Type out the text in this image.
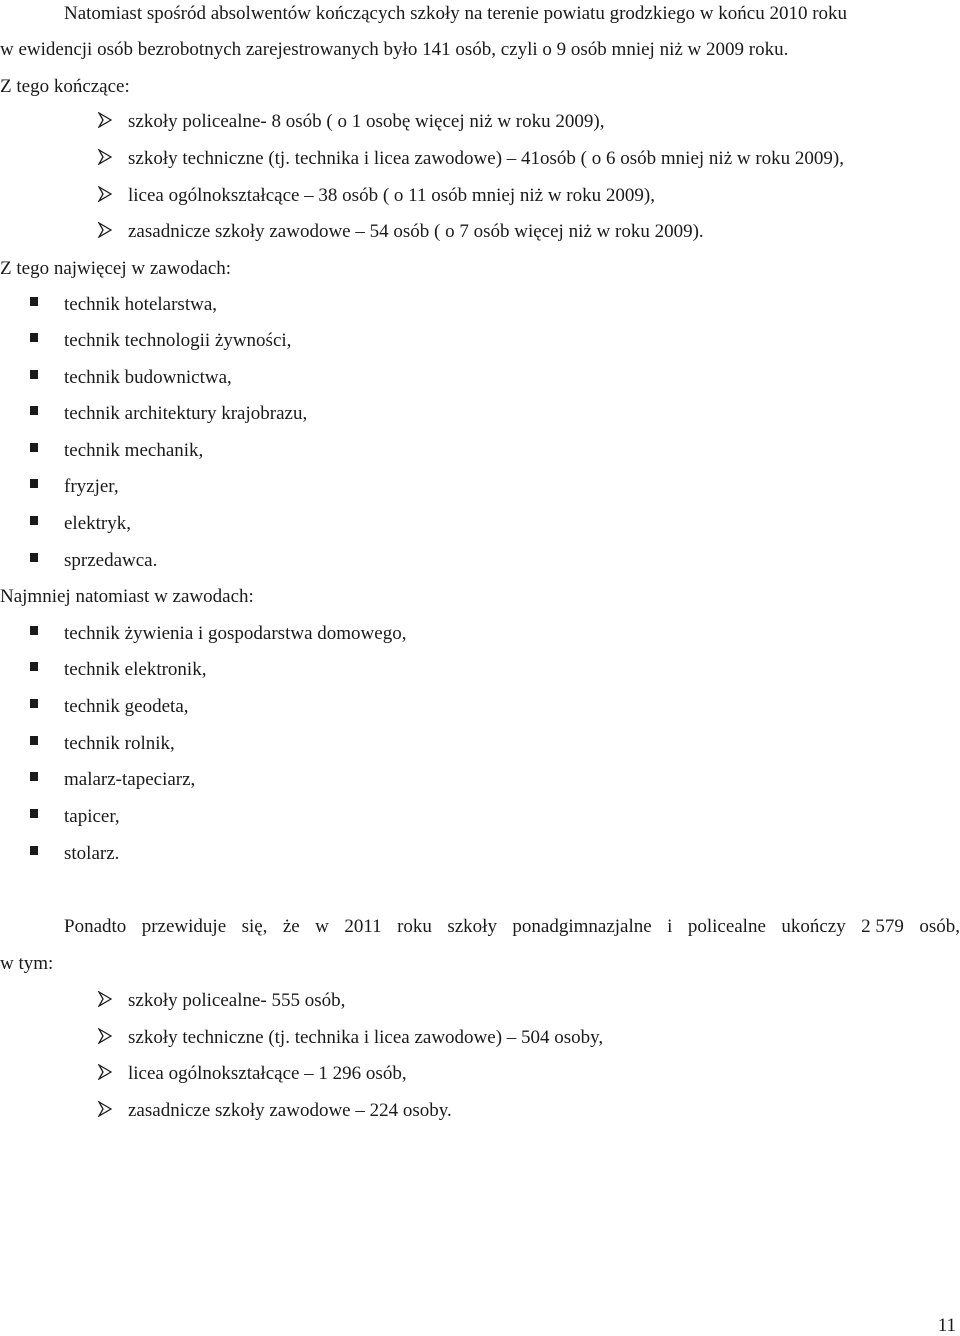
Natomiast spośród absolwentów kończących szkoły na terenie powiatu grodzkiego w końcu 2010 roku
w ewidencji osób bezrobotnych zarejestrowanych było 141 osób, czyli o 9 osób mniej niż w 2009 roku.
Z tego kończące:
szkoły policealne- 8 osób ( o 1 osobę więcej niż w roku 2009),
szkoły techniczne (tj. technika i licea zawodowe) – 41osób ( o 6 osób mniej niż w roku 2009),
licea ogólnokształcące – 38 osób ( o 11 osób mniej niż w roku 2009),
zasadnicze szkoły zawodowe – 54 osób ( o 7 osób więcej niż w roku 2009).
Z tego najwięcej w zawodach:
technik hotelarstwa,
technik technologii żywności,
technik budownictwa,
technik architektury krajobrazu,
technik mechanik,
fryzjer,
elektryk,
sprzedawca.
Najmniej natomiast w zawodach:
technik żywienia i gospodarstwa domowego,
technik elektronik,
technik geodeta,
technik rolnik,
malarz-tapeciarz,
tapicer,
stolarz.
Ponadto przewiduje się, że w 2011 roku szkoły ponadgimnazjalne i policealne ukończy 2 579 osób,
w tym:
szkoły policealne- 555 osób,
szkoły techniczne (tj. technika i licea zawodowe) – 504 osoby,
licea ogólnokształcące – 1 296 osób,
zasadnicze szkoły zawodowe – 224 osoby.
11
